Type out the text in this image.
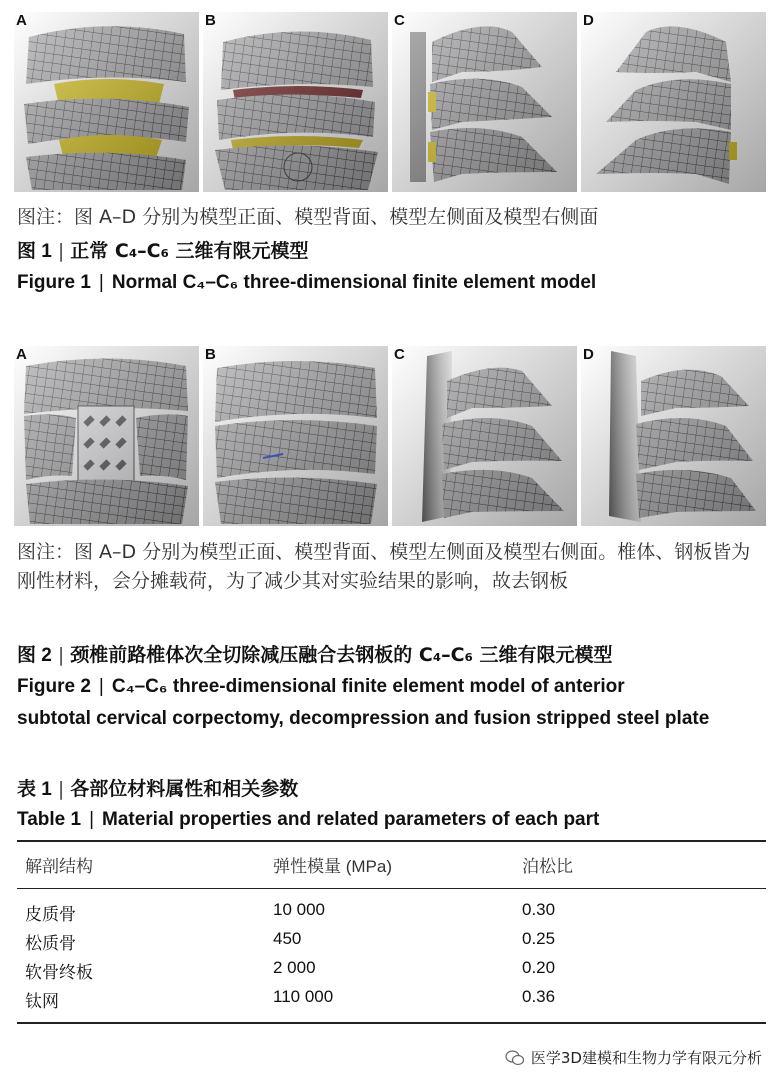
A	B	C	D
图注：图 A–D 分别为模型正面、模型背面、模型左侧面及模型右侧面
图 1 | 正常 C₄–C₆ 三维有限元模型
Figure 1 | Normal C₄–C₆ three-dimensional finite element model
A	B	C	D
图注：图 A–D 分别为模型正面、模型背面、模型左侧面及模型右侧面。椎体、钢板皆为刚性材料，会分摊载荷，为了减少其对实验结果的影响，故去钢板
图 2 | 颈椎前路椎体次全切除减压融合去钢板的 C₄–C₆ 三维有限元模型
Figure 2 | C₄–C₆ three-dimensional finite element model of anterior
subtotal cervical corpectomy, decompression and fusion stripped steel plate
表 1 | 各部位材料属性和相关参数
Table 1 | Material properties and related parameters of each part
解剖结构	弹性模量 (MPa)	泊松比
皮质骨	10 000	0.30
松质骨	450	0.25
软骨终板	2 000	0.20
钛网	110 000	0.36
医学3D建模和生物力学有限元分析
